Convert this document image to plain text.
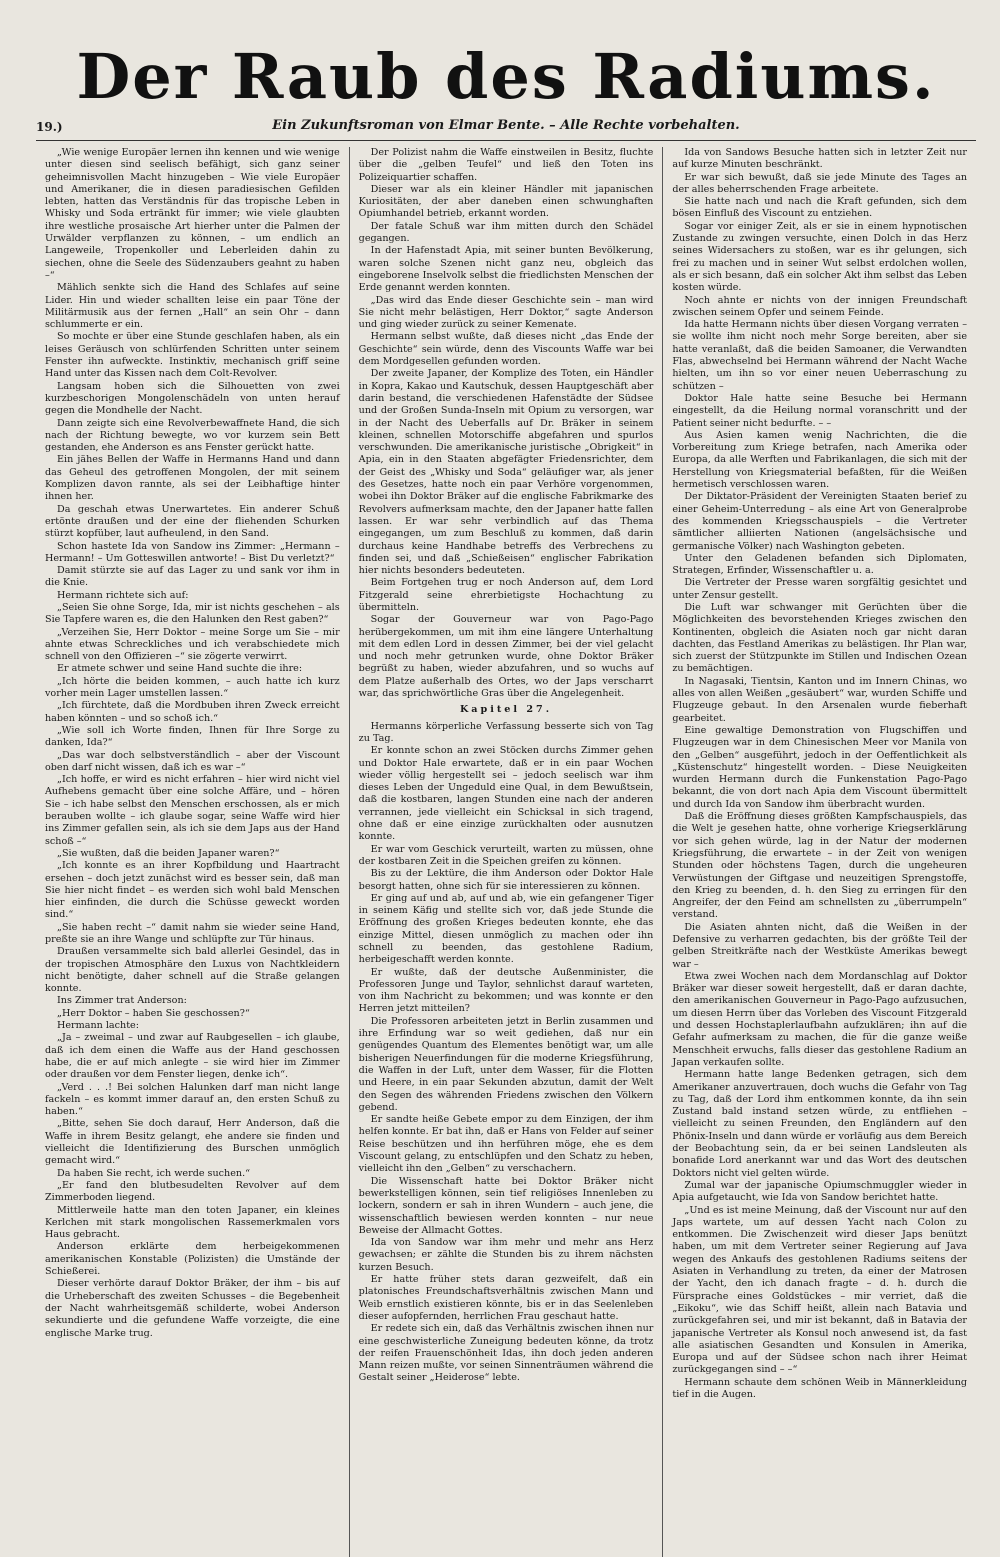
Der Raub des Radiums.
19.)	Ein Zukunftsroman von Elmar Bente. – Alle Rechte vorbehalten.

„Wie wenige Europäer lernen ihn kennen und wie wenige unter diesen sind seelisch befähigt, sich ganz seiner geheimnisvollen Macht hinzugeben – Wie viele Europäer und Amerikaner, die in diesen paradiesischen Gefilden lebten, hatten das Verständnis für das tropische Leben in Whisky und Soda ertränkt für immer; wie viele glaubten ihre westliche prosaische Art hierher unter die Palmen der Urwälder verpflanzen zu können, – um endlich an Langeweile, Tropenkoller und Leberleiden dahin zu siechen, ohne die Seele des Südenzaubers geahnt zu haben –“

Mählich senkte sich die Hand des Schlafes auf seine Lider. Hin und wieder schallten leise ein paar Töne der Militärmusik aus der fernen „Hall“ an sein Ohr – dann schlummerte er ein.

So mochte er über eine Stunde geschlafen haben, als ein leises Geräusch von schlürfenden Schritten unter seinem Fenster ihn aufweckte. Instinktiv, mechanisch griff seine Hand unter das Kissen nach dem Colt-Revolver.

Langsam hoben sich die Silhouetten von zwei kurzbeschorigen Mongolenschädeln von unten herauf gegen die Mondhelle der Nacht.

Dann zeigte sich eine Revolverbewaffnete Hand, die sich nach der Richtung bewegte, wo vor kurzem sein Bett gestanden, ehe Anderson es ans Fenster gerückt hatte.

Ein jähes Bellen der Waffe in Hermanns Hand und dann das Geheul des getroffenen Mongolen, der mit seinem Komplizen davon rannte, als sei der Leibhaftige hinter ihnen her.

Da geschah etwas Unerwartetes. Ein anderer Schuß ertönte draußen und der eine der fliehenden Schurken stürzt kopfüber, laut aufheulend, in den Sand.

Schon hastete Ida von Sandow ins Zimmer: „Hermann – Hermann! – Um Gotteswillen antworte! – Bist Du verletzt?“

Damit stürzte sie auf das Lager zu und sank vor ihm in die Knie.

Hermann richtete sich auf:

„Seien Sie ohne Sorge, Ida, mir ist nichts geschehen – als Sie Tapfere waren es, die den Halunken den Rest gaben?“

„Verzeihen Sie, Herr Doktor – meine Sorge um Sie – mir ahnte etwas Schreckliches und ich verabschiedete mich schnell von den Offizieren –“ sie zögerte verwirrt.

Er atmete schwer und seine Hand suchte die ihre:

„Ich hörte die beiden kommen, – auch hatte ich kurz vorher mein Lager umstellen lassen.“

„Ich fürchtete, daß die Mordbuben ihren Zweck erreicht haben könnten – und so schoß ich.“

„Wie soll ich Worte finden, Ihnen für Ihre Sorge zu danken, Ida?“

„Das war doch selbstverständlich – aber der Viscount oben darf nicht wissen, daß ich es war –“

„Ich hoffe, er wird es nicht erfahren – hier wird nicht viel Aufhebens gemacht über eine solche Affäre, und – hören Sie – ich habe selbst den Menschen erschossen, als er mich berauben wollte – ich glaube sogar, seine Waffe wird hier ins Zimmer gefallen sein, als ich sie dem Japs aus der Hand schoß –“

„Sie wußten, daß die beiden Japaner waren?“

„Ich konnte es an ihrer Kopfbildung und Haartracht ersehen – doch jetzt zunächst wird es besser sein, daß man Sie hier nicht findet – es werden sich wohl bald Menschen hier einfinden, die durch die Schüsse geweckt worden sind.“

„Sie haben recht –“ damit nahm sie wieder seine Hand, preßte sie an ihre Wange und schlüpfte zur Tür hinaus.

Draußen versammelte sich bald allerlei Gesindel, das in der tropischen Atmosphäre den Luxus von Nachtkleidern nicht benötigte, daher schnell auf die Straße gelangen konnte.

Ins Zimmer trat Anderson:

„Herr Doktor – haben Sie geschossen?“

Hermann lachte:

„Ja – zweimal – und zwar auf Raubgesellen – ich glaube, daß ich dem einen die Waffe aus der Hand geschossen habe, die er auf mich anlegte – sie wird hier im Zimmer oder draußen vor dem Fenster liegen, denke ich“.

„Verd . . .! Bei solchen Halunken darf man nicht lange fackeln – es kommt immer darauf an, den ersten Schuß zu haben.“

„Bitte, sehen Sie doch darauf, Herr Anderson, daß die Waffe in ihrem Besitz gelangt, ehe andere sie finden und vielleicht die Identifizierung des Burschen unmöglich gemacht wird.“

Da haben Sie recht, ich werde suchen.“

„Er fand den blutbesudelten Revolver auf dem Zimmerboden liegend.

Mittlerweile hatte man den toten Japaner, ein kleines Kerlchen mit stark mongolischen Rassemerkmalen vors Haus gebracht.

Anderson erklärte dem herbeigekommenen amerikanischen Konstable (Polizisten) die Umstände der Schießerei.

Dieser verhörte darauf Doktor Bräker, der ihm – bis auf die Urheberschaft des zweiten Schusses – die Begebenheit der Nacht wahrheitsgemäß schilderte, wobei Anderson sekundierte und die gefundene Waffe vorzeigte, die eine englische Marke trug.

Der Polizist nahm die Waffe einstweilen in Besitz, fluchte über die „gelben Teufel“ und ließ den Toten ins Polizeiquartier schaffen.

Dieser war als ein kleiner Händler mit japanischen Kuriositäten, der aber daneben einen schwunghaften Opiumhandel betrieb, erkannt worden.

Der fatale Schuß war ihm mitten durch den Schädel gegangen.

In der Hafenstadt Apia, mit seiner bunten Bevölkerung, waren solche Szenen nicht ganz neu, obgleich das eingeborene Inselvolk selbst die friedlichsten Menschen der Erde genannt werden konnten.

„Das wird das Ende dieser Geschichte sein – man wird Sie nicht mehr belästigen, Herr Doktor,“ sagte Anderson und ging wieder zurück zu seiner Kemenate.

Hermann selbst wußte, daß dieses nicht „das Ende der Geschichte“ sein würde, denn des Viscounts Waffe war bei dem Mordgesellen gefunden worden.

Der zweite Japaner, der Komplize des Toten, ein Händler in Kopra, Kakao und Kautschuk, dessen Hauptgeschäft aber darin bestand, die verschiedenen Hafenstädte der Südsee und der Großen Sunda-Inseln mit Opium zu versorgen, war in der Nacht des Ueberfalls auf Dr. Bräker in seinem kleinen, schnellen Motorschiffe abgefahren und spurlos verschwunden. Die amerikanische juristische „Obrigkeit“ in Apia, ein in den Staaten abgefägter Friedensrichter, dem der Geist des „Whisky und Soda“ geläufiger war, als jener des Gesetzes, hatte noch ein paar Verhöre vorgenommen, wobei ihn Doktor Bräker auf die englische Fabrikmarke des Revolvers aufmerksam machte, den der Japaner hatte fallen lassen. Er war sehr verbindlich auf das Thema eingegangen, um zum Beschluß zu kommen, daß darin durchaus keine Handhabe betreffs des Verbrechens zu finden sei, und daß „Schießeisen“ englischer Fabrikation hier nichts besonders bedeuteten.

Beim Fortgehen trug er noch Anderson auf, dem Lord Fitzgerald seine ehrerbietigste Hochachtung zu übermitteln.

Sogar der Gouverneur war von Pago-Pago herübergekommen, um mit ihm eine längere Unterhaltung mit dem edlen Lord in dessen Zimmer, bei der viel gelacht und noch mehr getrunken wurde, ohne Doktor Bräker begrüßt zu haben, wieder abzufahren, und so wuchs auf dem Platze außerhalb des Ortes, wo der Japs verscharrt war, das sprichwörtliche Gras über die Angelegenheit.

Kapitel 27.

Hermanns körperliche Verfassung besserte sich von Tag zu Tag.

Er konnte schon an zwei Stöcken durchs Zimmer gehen und Doktor Hale erwartete, daß er in ein paar Wochen wieder völlig hergestellt sei – jedoch seelisch war ihm dieses Leben der Ungeduld eine Qual, in dem Bewußtsein, daß die kostbaren, langen Stunden eine nach der anderen verrannen, jede vielleicht ein Schicksal in sich tragend, ohne daß er eine einzige zurückhalten oder ausnutzen konnte.

Er war vom Geschick verurteilt, warten zu müssen, ohne der kostbaren Zeit in die Speichen greifen zu können.

Bis zu der Lektüre, die ihm Anderson oder Doktor Hale besorgt hatten, ohne sich für sie interessieren zu können.

Er ging auf und ab, auf und ab, wie ein gefangener Tiger in seinem Käfig und stellte sich vor, daß jede Stunde die Eröffnung des großen Krieges bedeuten konnte, ehe das einzige Mittel, diesen unmöglich zu machen oder ihn schnell zu beenden, das gestohlene Radium, herbeigeschafft werden konnte.

Er wußte, daß der deutsche Außenminister, die Professoren Junge und Taylor, sehnlichst darauf warteten, von ihm Nachricht zu bekommen; und was konnte er den Herren jetzt mitteilen?

Die Professoren arbeiteten jetzt in Berlin zusammen und ihre Erfindung war so weit gediehen, daß nur ein genügendes Quantum des Elementes benötigt war, um alle bisherigen Neuerfindungen für die moderne Kriegsführung, die Waffen in der Luft, unter dem Wasser, für die Flotten und Heere, in ein paar Sekunden abzutun, damit der Welt den Segen des währenden Friedens zwischen den Völkern gebend.

Er sandte heiße Gebete empor zu dem Einzigen, der ihm helfen konnte. Er bat ihn, daß er Hans von Felder auf seiner Reise beschützen und ihn herführen möge, ehe es dem Viscount gelang, zu entschlüpfen und den Schatz zu heben, vielleicht ihn den „Gelben“ zu verschachern.

Die Wissenschaft hatte bei Doktor Bräker nicht bewerkstelligen können, sein tief religiöses Innenleben zu lockern, sondern er sah in ihren Wundern – auch jene, die wissenschaftlich bewiesen werden konnten – nur neue Beweise der Allmacht Gottes.

Ida von Sandow war ihm mehr und mehr ans Herz gewachsen; er zählte die Stunden bis zu ihrem nächsten kurzen Besuch.

Er hatte früher stets daran gezweifelt, daß ein platonisches Freundschaftsverhältnis zwischen Mann und Weib ernstlich existieren könnte, bis er in das Seelenleben dieser aufopfernden, herrlichen Frau geschaut hatte.

Er redete sich ein, daß das Verhältnis zwischen ihnen nur eine geschwisterliche Zuneigung bedeuten könne, da trotz der reifen Frauenschönheit Idas, ihn doch jeden anderen Mann reizen mußte, vor seinen Sinnenträumen während die Gestalt seiner „Heiderose“ lebte.

Ida von Sandows Besuche hatten sich in letzter Zeit nur auf kurze Minuten beschränkt.

Er war sich bewußt, daß sie jede Minute des Tages an der alles beherrschenden Frage arbeitete.

Sie hatte nach und nach die Kraft gefunden, sich dem bösen Einfluß des Viscount zu entziehen.

Sogar vor einiger Zeit, als er sie in einem hypnotischen Zustande zu zwingen versuchte, einen Dolch in das Herz seines Widersachers zu stoßen, war es ihr gelungen, sich frei zu machen und in seiner Wut selbst erdolchen wollen, als er sich besann, daß ein solcher Akt ihm selbst das Leben kosten würde.

Noch ahnte er nichts von der innigen Freundschaft zwischen seinem Opfer und seinem Feinde.

Ida hatte Hermann nichts über diesen Vorgang verraten – sie wollte ihm nicht noch mehr Sorge bereiten, aber sie hatte veranlaßt, daß die beiden Samoaner, die Verwandten Flas, abwechselnd bei Hermann während der Nacht Wache hielten, um ihn so vor einer neuen Ueberraschung zu schützen –

Doktor Hale hatte seine Besuche bei Hermann eingestellt, da die Heilung normal voranschritt und der Patient seiner nicht bedurfte. – –

Aus Asien kamen wenig Nachrichten, die die Vorbereitung zum Kriege betrafen, nach Amerika oder Europa, da alle Werften und Fabrikanlagen, die sich mit der Herstellung von Kriegsmaterial befaßten, für die Weißen hermetisch verschlossen waren.

Der Diktator-Präsident der Vereinigten Staaten berief zu einer Geheim-Unterredung – als eine Art von Generalprobe des kommenden Kriegsschauspiels – die Vertreter sämtlicher alliierten Nationen (angelsächsische und germanische Völker) nach Washington gebeten.

Unter den Geladenen befanden sich Diplomaten, Strategen, Erfinder, Wissenschaftler u. a.

Die Vertreter der Presse waren sorgfältig gesichtet und unter Zensur gestellt.

Die Luft war schwanger mit Gerüchten über die Möglichkeiten des bevorstehenden Krieges zwischen den Kontinenten, obgleich die Asiaten noch gar nicht daran dachten, das Festland Amerikas zu belästigen. Ihr Plan war, sich zuerst der Stützpunkte im Stillen und Indischen Ozean zu bemächtigen.

In Nagasaki, Tientsin, Kanton und im Innern Chinas, wo alles von allen Weißen „gesäubert“ war, wurden Schiffe und Flugzeuge gebaut. In den Arsenalen wurde fieberhaft gearbeitet.

Eine gewaltige Demonstration von Flugschiffen und Flugzeugen war in dem Chinesischen Meer vor Manila von den „Gelben“ ausgeführt, jedoch in der Oeffentlichkeit als „Küstenschutz“ hingestellt worden. – Diese Neuigkeiten wurden Hermann durch die Funkenstation Pago-Pago bekannt, die von dort nach Apia dem Viscount übermittelt und durch Ida von Sandow ihm überbracht wurden.

Daß die Eröffnung dieses größten Kampfschauspiels, das die Welt je gesehen hatte, ohne vorherige Kriegserklärung vor sich gehen würde, lag in der Natur der modernen Kriegsführung, die erwartete – in der Zeit von wenigen Stunden oder höchstens Tagen, durch die ungeheuren Verwüstungen der Giftgase und neuzeitigen Sprengstoffe, den Krieg zu beenden, d. h. den Sieg zu erringen für den Angreifer, der den Feind am schnellsten zu „überrumpeln“ verstand.

Die Asiaten ahnten nicht, daß die Weißen in der Defensive zu verharren gedachten, bis der größte Teil der gelben Streitkräfte nach der Westküste Amerikas bewegt war –

Etwa zwei Wochen nach dem Mordanschlag auf Doktor Bräker war dieser soweit hergestellt, daß er daran dachte, den amerikanischen Gouverneur in Pago-Pago aufzusuchen, um diesen Herrn über das Vorleben des Viscount Fitzgerald und dessen Hochstaplerlaufbahn aufzuklären; ihn auf die Gefahr aufmerksam zu machen, die für die ganze weiße Menschheit erwuchs, falls dieser das gestohlene Radium an Japan verkaufen sollte.

Hermann hatte lange Bedenken getragen, sich dem Amerikaner anzuvertrauen, doch wuchs die Gefahr von Tag zu Tag, daß der Lord ihm entkommen konnte, da ihn sein Zustand bald instand setzen würde, zu entfliehen – vielleicht zu seinen Freunden, den Engländern auf den Phönix-Inseln und dann würde er vorläufig aus dem Bereich der Beobachtung sein, da er bei seinen Landsleuten als bonafide Lord anerkannt war und das Wort des deutschen Doktors nicht viel gelten würde.

Zumal war der japanische Opiumschmuggler wieder in Apia aufgetaucht, wie Ida von Sandow berichtet hatte.

„Und es ist meine Meinung, daß der Viscount nur auf den Japs wartete, um auf dessen Yacht nach Colon zu entkommen. Die Zwischenzeit wird dieser Japs benützt haben, um mit dem Vertreter seiner Regierung auf Java wegen des Ankaufs des gestohlenen Radiums seitens der Asiaten in Verhandlung zu treten, da einer der Matrosen der Yacht, den ich danach fragte – d. h. durch die Fürsprache eines Goldstückes – mir verriet, daß die „Eikoku“, wie das Schiff heißt, allein nach Batavia und zurückgefahren sei, und mir ist bekannt, daß in Batavia der japanische Vertreter als Konsul noch anwesend ist, da fast alle asiatischen Gesandten und Konsulen in Amerika, Europa und auf der Südsee schon nach ihrer Heimat zurückgegangen sind – –“

Hermann schaute dem schönen Weib in Männerkleidung tief in die Augen.
